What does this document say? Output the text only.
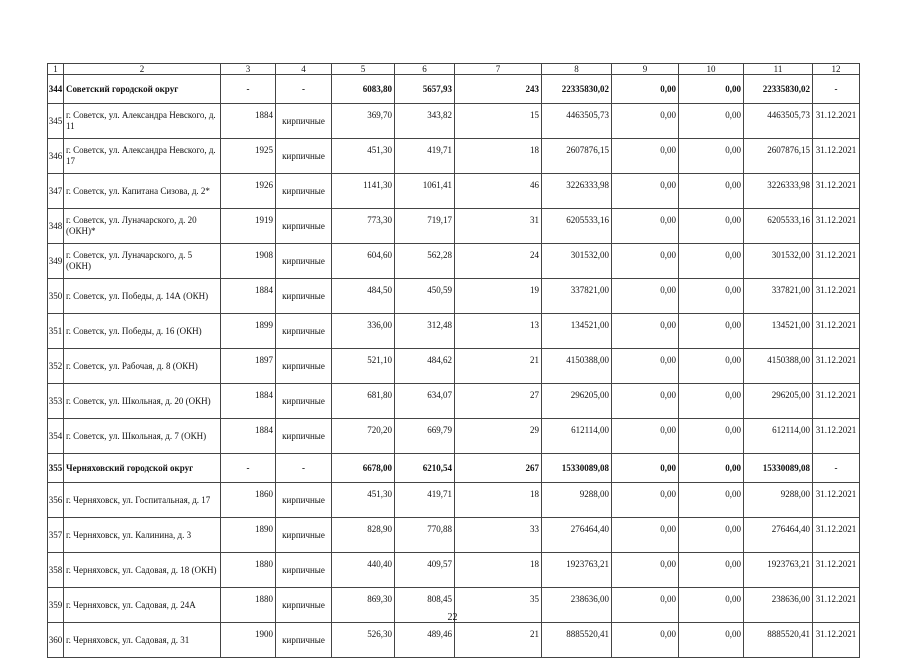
1	2	3	4	5	6	7	8	9	10	11	12
344	Советский городской округ	-	-	6083,80	5657,93	243	22335830,02	0,00	0,00	22335830,02	-
345	г. Советск, ул. Александра Невского, д. 11	1884	кирпичные	369,70	343,82	15	4463505,73	0,00	0,00	4463505,73	31.12.2021
346	г. Советск, ул. Александра Невского, д. 17	1925	кирпичные	451,30	419,71	18	2607876,15	0,00	0,00	2607876,15	31.12.2021
347	г. Советск, ул. Капитана Сизова, д. 2*	1926	кирпичные	1141,30	1061,41	46	3226333,98	0,00	0,00	3226333,98	31.12.2021
348	г. Советск, ул. Луначарского, д. 20 (ОКН)*	1919	кирпичные	773,30	719,17	31	6205533,16	0,00	0,00	6205533,16	31.12.2021
349	г. Советск, ул. Луначарского, д. 5 (ОКН)	1908	кирпичные	604,60	562,28	24	301532,00	0,00	0,00	301532,00	31.12.2021
350	г. Советск, ул. Победы, д. 14А (ОКН)	1884	кирпичные	484,50	450,59	19	337821,00	0,00	0,00	337821,00	31.12.2021
351	г. Советск, ул. Победы, д. 16 (ОКН)	1899	кирпичные	336,00	312,48	13	134521,00	0,00	0,00	134521,00	31.12.2021
352	г. Советск, ул. Рабочая, д. 8 (ОКН)	1897	кирпичные	521,10	484,62	21	4150388,00	0,00	0,00	4150388,00	31.12.2021
353	г. Советск, ул. Школьная, д. 20 (ОКН)	1884	кирпичные	681,80	634,07	27	296205,00	0,00	0,00	296205,00	31.12.2021
354	г. Советск, ул. Школьная, д. 7 (ОКН)	1884	кирпичные	720,20	669,79	29	612114,00	0,00	0,00	612114,00	31.12.2021
355	Черняховский городской округ	-	-	6678,00	6210,54	267	15330089,08	0,00	0,00	15330089,08	-
356	г. Черняховск, ул. Госпитальная, д. 17	1860	кирпичные	451,30	419,71	18	9288,00	0,00	0,00	9288,00	31.12.2021
357	г. Черняховск, ул. Калинина, д. 3	1890	кирпичные	828,90	770,88	33	276464,40	0,00	0,00	276464,40	31.12.2021
358	г. Черняховск, ул. Садовая, д. 18 (ОКН)	1880	кирпичные	440,40	409,57	18	1923763,21	0,00	0,00	1923763,21	31.12.2021
359	г. Черняховск, ул. Садовая, д. 24А	1880	кирпичные	869,30	808,45	35	238636,00	0,00	0,00	238636,00	31.12.2021
360	г. Черняховск, ул. Садовая, д. 31	1900	кирпичные	526,30	489,46	21	8885520,41	0,00	0,00	8885520,41	31.12.2021
22
